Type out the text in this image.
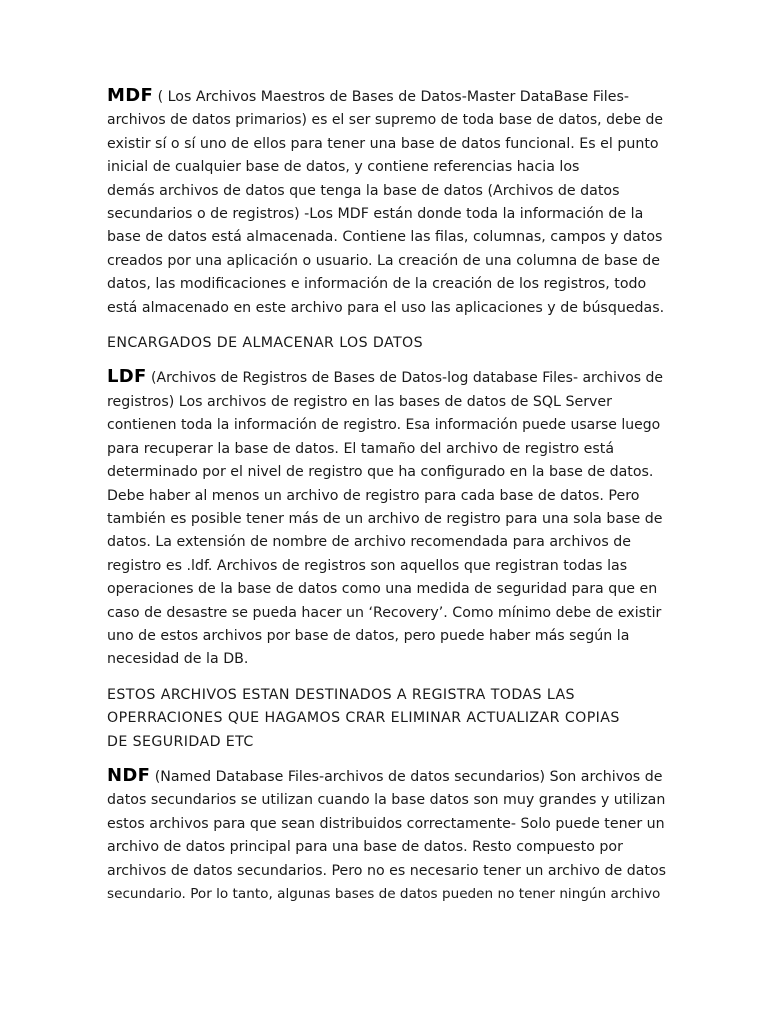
MDF ( Los Archivos Maestros de Bases de Datos-Master DataBase Files-
archivos de datos primarios) es el ser supremo de toda base de datos, debe de
existir sí o sí uno de ellos para tener una base de datos funcional. Es el punto
inicial de cualquier base de datos, y contiene referencias hacia los
demás archivos de datos que tenga la base de datos (Archivos de datos
secundarios o de registros) -Los MDF están donde toda la información de la
base de datos está almacenada. Contiene las filas, columnas, campos y datos
creados por una aplicación o usuario. La creación de una columna de base de
datos, las modificaciones e información de la creación de los registros, todo
está almacenado en este archivo para el uso las aplicaciones y de búsquedas.

ENCARGADOS DE ALMACENAR LOS DATOS

LDF (Archivos de Registros de Bases de Datos-log database Files- archivos de
registros) Los archivos de registro en las bases de datos de SQL Server
contienen toda la información de registro. Esa información puede usarse luego
para recuperar la base de datos. El tamaño del archivo de registro está
determinado por el nivel de registro que ha configurado en la base de datos.
Debe haber al menos un archivo de registro para cada base de datos. Pero
también es posible tener más de un archivo de registro para una sola base de
datos. La extensión de nombre de archivo recomendada para archivos de
registro es .ldf. Archivos de registros son aquellos que registran todas las
operaciones de la base de datos como una medida de seguridad para que en
caso de desastre se pueda hacer un ‘Recovery’. Como mínimo debe de existir
uno de estos archivos por base de datos, pero puede haber más según la
necesidad de la DB.

ESTOS ARCHIVOS ESTAN DESTINADOS A REGISTRA TODAS LAS
OPERRACIONES QUE HAGAMOS CRAR ELIMINAR ACTUALIZAR COPIAS
DE SEGURIDAD ETC

NDF (Named Database Files-archivos de datos secundarios) Son archivos de
datos secundarios se utilizan cuando la base datos son muy grandes y utilizan
estos archivos para que sean distribuidos correctamente- Solo puede tener un
archivo de datos principal para una base de datos. Resto compuesto por
archivos de datos secundarios. Pero no es necesario tener un archivo de datos
secundario. Por lo tanto, algunas bases de datos pueden no tener ningún archivo
